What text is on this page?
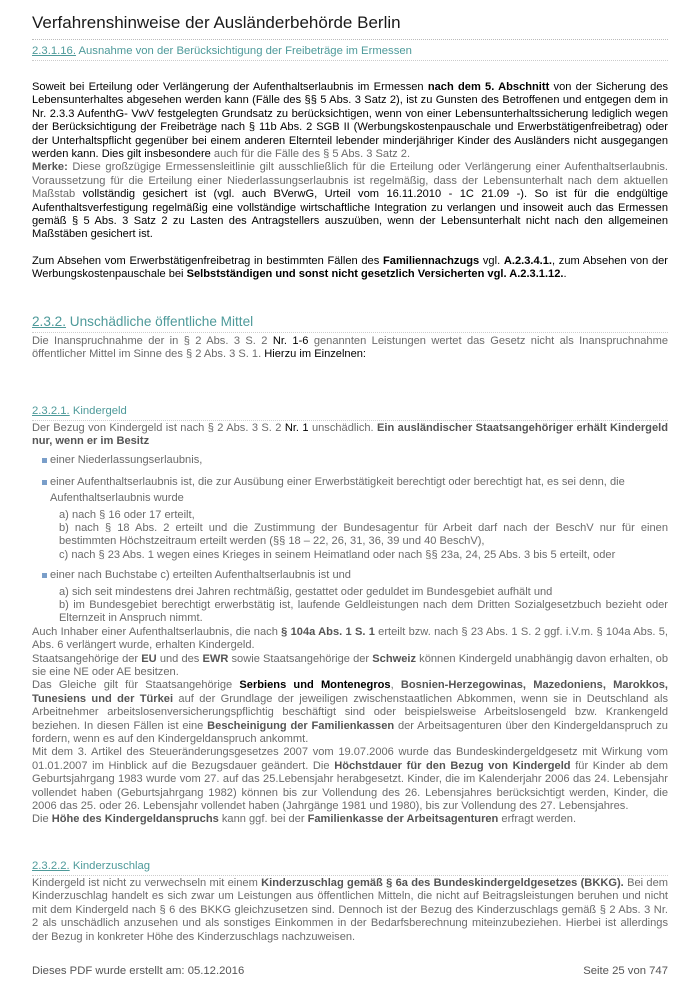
Verfahrenshinweise der Ausländerbehörde Berlin
2.3.1.16. Ausnahme von der Berücksichtigung der Freibeträge im Ermessen

Soweit bei Erteilung oder Verlängerung der Aufenthaltserlaubnis im Ermessen nach dem 5. Abschnitt von der Sicherung des Lebensunterhaltes abgesehen werden kann (Fälle des §§ 5 Abs. 3 Satz 2), ist zu Gunsten des Betroffenen und entgegen dem in Nr. 2.3.3 AufenthG- VwV festgelegten Grundsatz zu berücksichtigen, wenn von einer Lebensunterhaltssicherung lediglich wegen der Berücksichtigung der Freibeträge nach § 11b Abs. 2 SGB II (Werbungskostenpauschale und Erwerbstätigenfreibetrag) oder der Unterhaltspflicht gegenüber bei einem anderen Elternteil lebender minderjähriger Kinder des Ausländers nicht ausgegangen werden kann. Dies gilt insbesondere auch für die Fälle des § 5 Abs. 3 Satz 2.

Merke: Diese großzügige Ermessensleitlinie gilt ausschließlich für die Erteilung oder Verlängerung einer Aufenthaltserlaubnis. Voraussetzung für die Erteilung einer Niederlassungserlaubnis ist regelmäßig, dass der Lebensunterhalt nach dem aktuellen Maßstab vollständig gesichert ist (vgl. auch BVerwG, Urteil vom 16.11.2010 - 1C 21.09 -). So ist für die endgültige Aufenthaltsverfestigung regelmäßig eine vollständige wirtschaftliche Integration zu verlangen und insoweit auch das Ermessen gemäß § 5 Abs. 3 Satz 2 zu Lasten des Antragstellers auszuüben, wenn der Lebensunterhalt nicht nach den allgemeinen Maßstäben gesichert ist.

Zum Absehen vom Erwerbstätigenfreibetrag in bestimmten Fällen des Familiennachzugs vgl. A.2.3.4.1., zum Absehen von der Werbungskostenpauschale bei Selbstständigen und sonst nicht gesetzlich Versicherten vgl. A.2.3.1.12..

2.3.2. Unschädliche öffentliche Mittel

Die Inanspruchnahme der in § 2 Abs. 3 S. 2 Nr. 1-6 genannten Leistungen wertet das Gesetz nicht als Inanspruchnahme öffentlicher Mittel im Sinne des § 2 Abs. 3 S. 1. Hierzu im Einzelnen:

2.3.2.1. Kindergeld

Der Bezug von Kindergeld ist nach § 2 Abs. 3 S. 2 Nr. 1 unschädlich. Ein ausländischer Staatsangehöriger erhält Kindergeld nur, wenn er im Besitz

einer Niederlassungserlaubnis,
einer Aufenthaltserlaubnis ist, die zur Ausübung einer Erwerbstätigkeit berechtigt oder berechtigt hat, es sei denn, die
Aufenthaltserlaubnis wurde
a) nach § 16 oder 17 erteilt,
b) nach § 18 Abs. 2 erteilt und die Zustimmung der Bundesagentur für Arbeit darf nach der BeschV nur für einen bestimmten Höchstzeitraum erteilt werden (§§ 18 – 22, 26, 31, 36, 39 und 40 BeschV),
c) nach § 23 Abs. 1 wegen eines Krieges in seinem Heimatland oder nach §§ 23a, 24, 25 Abs. 3 bis 5 erteilt, oder
einer nach Buchstabe c) erteilten Aufenthaltserlaubnis ist und
a) sich seit mindestens drei Jahren rechtmäßig, gestattet oder geduldet im Bundesgebiet aufhält und
b) im Bundesgebiet berechtigt erwerbstätig ist, laufende Geldleistungen nach dem Dritten Sozialgesetzbuch bezieht oder Elternzeit in Anspruch nimmt.

Auch Inhaber einer Aufenthaltserlaubnis, die nach § 104a Abs. 1 S. 1 erteilt bzw. nach § 23 Abs. 1 S. 2 ggf. i.V.m. § 104a Abs. 5, Abs. 6 verlängert wurde, erhalten Kindergeld.

Staatsangehörige der EU und des EWR sowie Staatsangehörige der Schweiz können Kindergeld unabhängig davon erhalten, ob sie eine NE oder AE besitzen.

Das Gleiche gilt für Staatsangehörige Serbiens und Montenegros, Bosnien-Herzegowinas, Mazedoniens, Marokkos, Tunesiens und der Türkei auf der Grundlage der jeweiligen zwischenstaatlichen Abkommen, wenn sie in Deutschland als Arbeitnehmer arbeitslosenversicherungspflichtig beschäftigt sind oder beispielsweise Arbeitslosengeld bzw. Krankengeld beziehen. In diesen Fällen ist eine Bescheinigung der Familienkassen der Arbeitsagenturen über den Kindergeldanspruch zu fordern, wenn es auf den Kindergeldanspruch ankommt.

Mit dem 3. Artikel des Steueränderungsgesetzes 2007 vom 19.07.2006 wurde das Bundeskindergeldgesetz mit Wirkung vom 01.01.2007 im Hinblick auf die Bezugsdauer geändert. Die Höchstdauer für den Bezug von Kindergeld für Kinder ab dem Geburtsjahrgang 1983 wurde vom 27. auf das 25.Lebensjahr herabgesetzt. Kinder, die im Kalenderjahr 2006 das 24. Lebensjahr vollendet haben (Geburtsjahrgang 1982) können bis zur Vollendung des 26. Lebensjahres berücksichtigt werden, Kinder, die 2006 das 25. oder 26. Lebensjahr vollendet haben (Jahrgänge 1981 und 1980), bis zur Vollendung des 27. Lebensjahres.

Die Höhe des Kindergeldanspruchs kann ggf. bei der Familienkasse der Arbeitsagenturen erfragt werden.

2.3.2.2. Kinderzuschlag

Kindergeld ist nicht zu verwechseln mit einem Kinderzuschlag gemäß § 6a des Bundeskindergeldgesetzes (BKKG). Bei dem Kinderzuschlag handelt es sich zwar um Leistungen aus öffentlichen Mitteln, die nicht auf Beitragsleistungen beruhen und nicht mit dem Kindergeld nach § 6 des BKKG gleichzusetzen sind. Dennoch ist der Bezug des Kinderzuschlags gemäß § 2 Abs. 3 Nr. 2 als unschädlich anzusehen und als sonstiges Einkommen in der Bedarfsberechnung miteinzubeziehen. Hierbei ist allerdings der Bezug in konkreter Höhe des Kinderzuschlags nachzuweisen.

Dieses PDF wurde erstellt am: 05.12.2016	Seite 25 von 747
